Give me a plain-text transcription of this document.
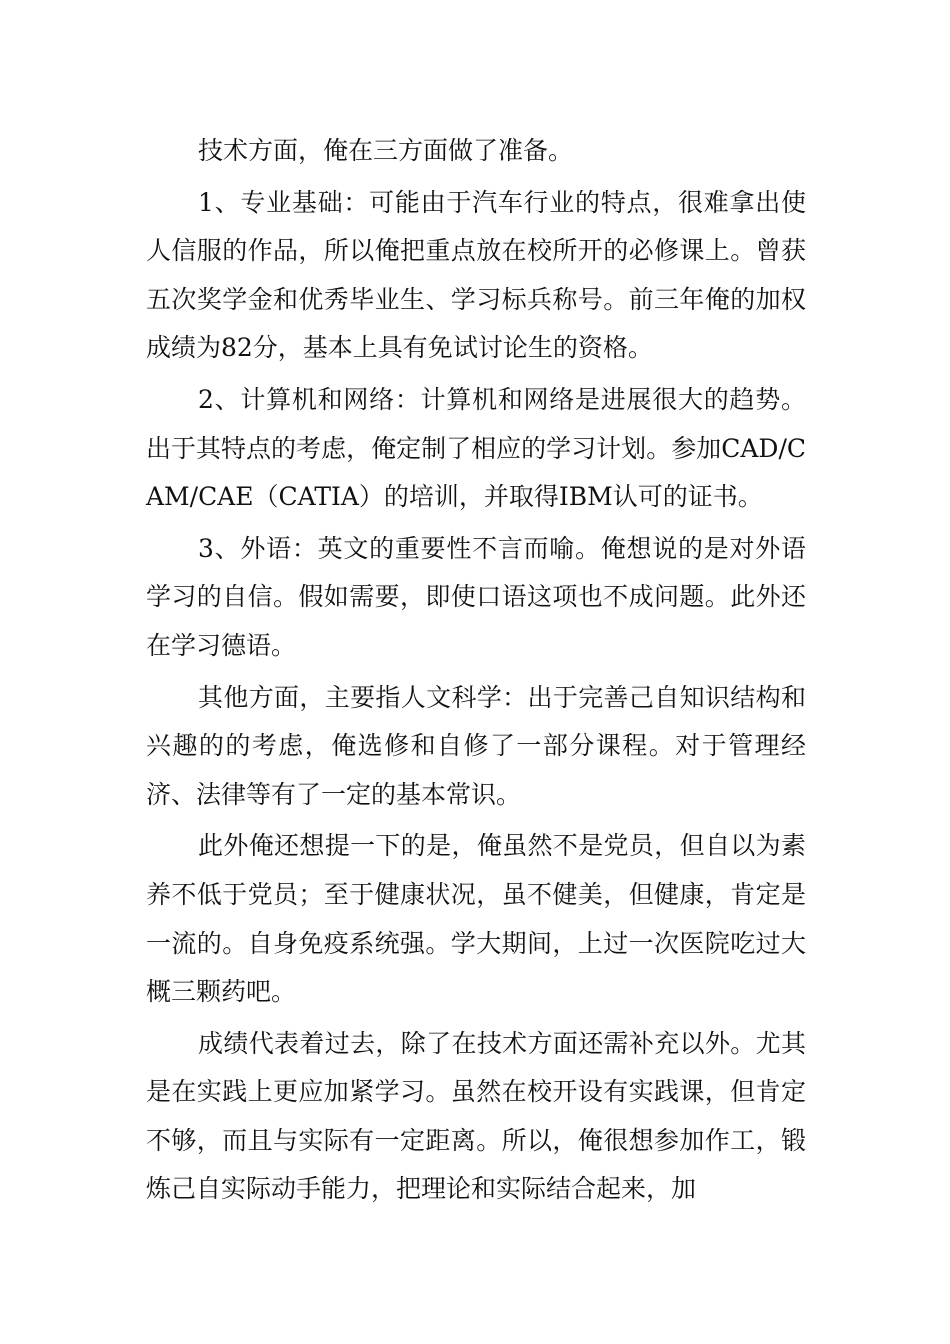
技术方面，俺在三方面做了准备。

1、专业基础：可能由于汽车行业的特点，很难拿出使人信服的作品，所以俺把重点放在校所开的必修课上。曾获五次奖学金和优秀毕业生、学习标兵称号。前三年俺的加权成绩为82分，基本上具有免试讨论生的资格。

2、计算机和网络：计算机和网络是进展很大的趋势。出于其特点的考虑，俺定制了相应的学习计划。参加CAD/CAM/CAE（CATIA）的培训，并取得IBM认可的证书。

3、外语：英文的重要性不言而喻。俺想说的是对外语学习的自信。假如需要，即使口语这项也不成问题。此外还在学习德语。

其他方面，主要指人文科学：出于完善己自知识结构和兴趣的的考虑，俺选修和自修了一部分课程。对于管理经济、法律等有了一定的基本常识。

此外俺还想提一下的是，俺虽然不是党员，但自以为素养不低于党员；至于健康状况，虽不健美，但健康，肯定是一流的。自身免疫系统强。学大期间，上过一次医院吃过大概三颗药吧。

成绩代表着过去，除了在技术方面还需补充以外。尤其是在实践上更应加紧学习。虽然在校开设有实践课，但肯定不够，而且与实际有一定距离。所以，俺很想参加作工，锻炼己自实际动手能力，把理论和实际结合起来，加
